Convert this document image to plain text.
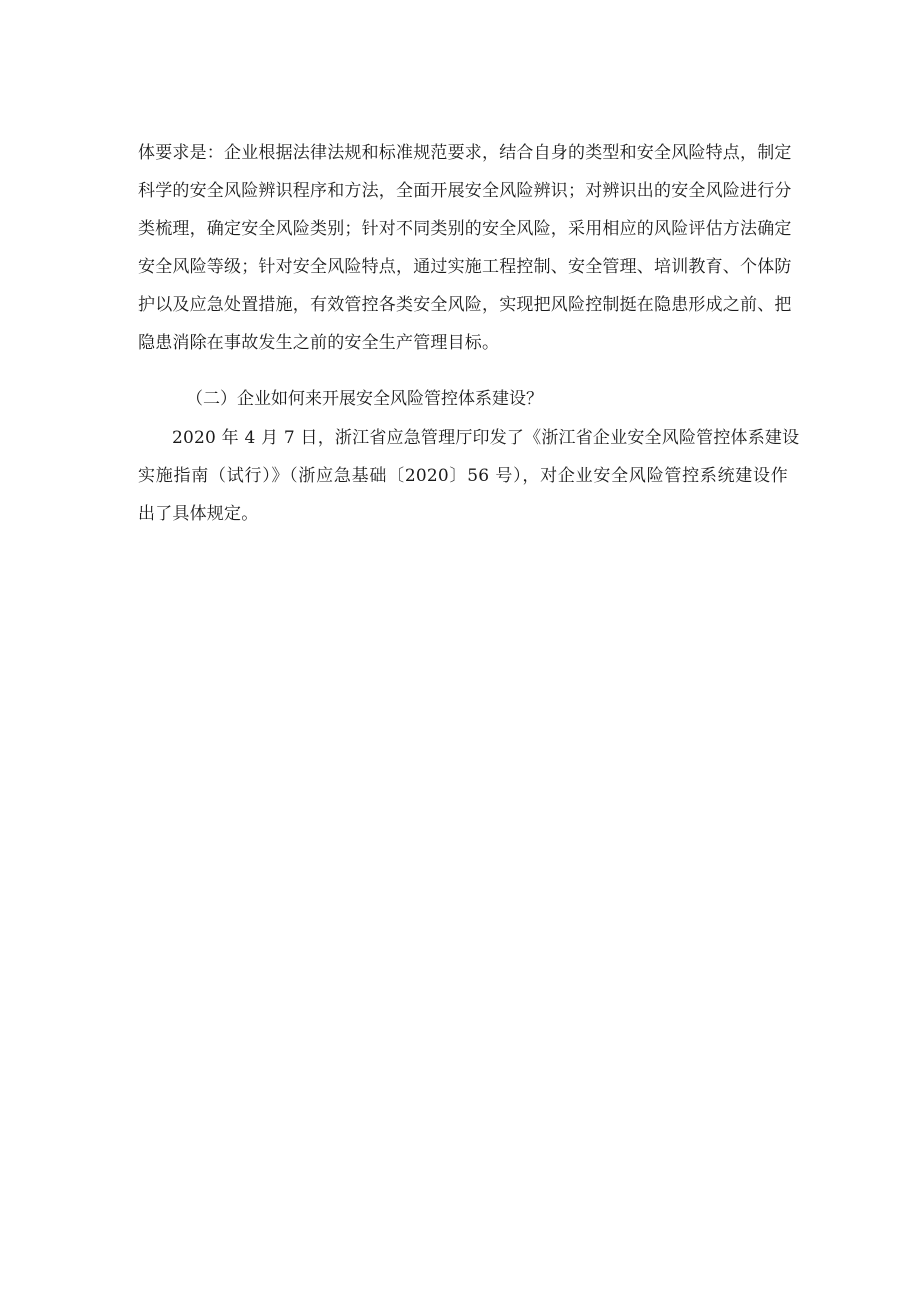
体要求是：企业根据法律法规和标准规范要求，结合自身的类型和安全风险特点，制定
科学的安全风险辨识程序和方法，全面开展安全风险辨识；对辨识出的安全风险进行分
类梳理，确定安全风险类别；针对不同类别的安全风险，采用相应的风险评估方法确定
安全风险等级；针对安全风险特点，通过实施工程控制、安全管理、培训教育、个体防
护以及应急处置措施，有效管控各类安全风险，实现把风险控制挺在隐患形成之前、把
隐患消除在事故发生之前的安全生产管理目标。
（二）企业如何来开展安全风险管控体系建设？
2020 年 4 月 7 日，浙江省应急管理厅印发了《浙江省企业安全风险管控体系建设
实施指南（试行）》（浙应急基础〔2020〕56 号），对企业安全风险管控系统建设作
出了具体规定。
